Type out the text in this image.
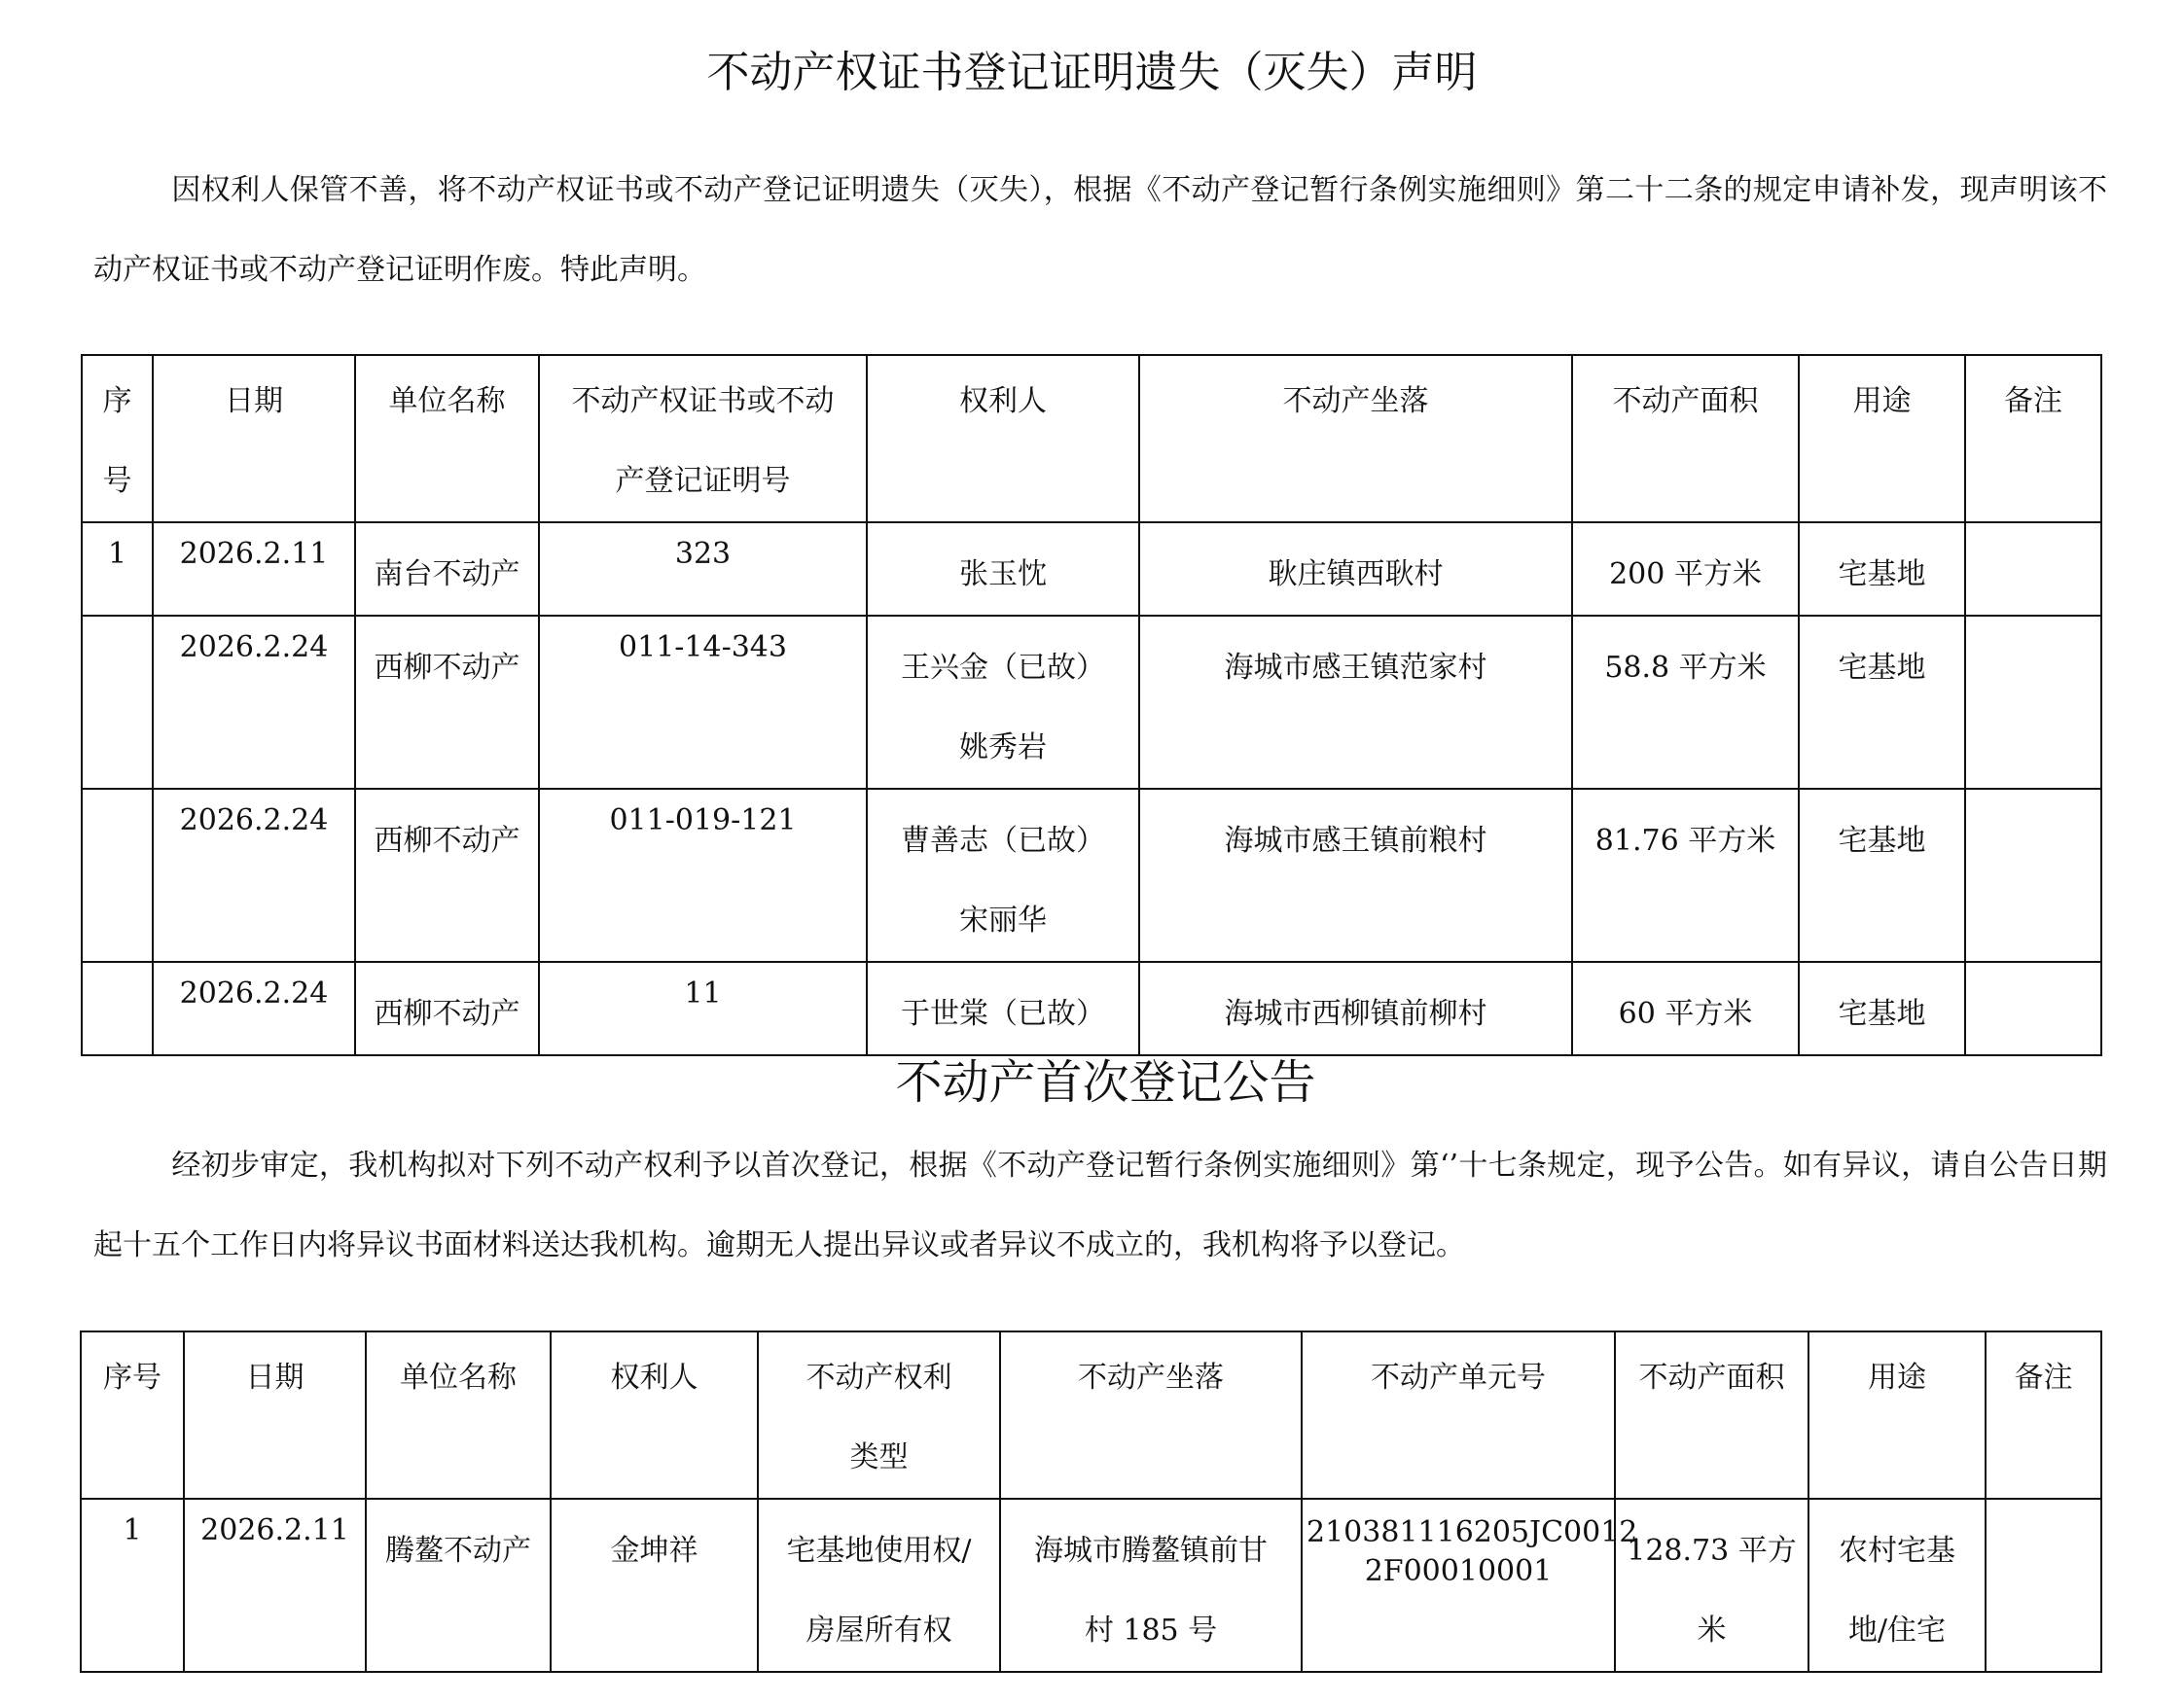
不动产权证书登记证明遗失（灭失）声明
因权利人保管不善，将不动产权证书或不动产登记证明遗失（灭失），根据《不动产登记暂行条例实施细则》第二十二条的规定申请补发，现声明该不动产权证书或不动产登记证明作废。特此声明。
序
号	日期	单位名称	不动产权证书或不动
产登记证明号	权利人	不动产坐落	不动产面积	用途	备注
1	2026.2.11	南台不动产	323	张玉忱	耿庄镇西耿村	200 平方米	宅基地	

	2026.2.24	西柳不动产	011-14-343	王兴金（已故）
姚秀岩	海城市感王镇范家村	58.8 平方米	宅基地	

	2026.2.24	西柳不动产	011-019-121	曹善志（已故）
宋丽华	海城市感王镇前粮村	81.76 平方米	宅基地	

	2026.2.24	西柳不动产	11	于世棠（已故）	海城市西柳镇前柳村	60 平方米	宅基地	

不动产首次登记公告
经初步审定，我机构拟对下列不动产权利予以首次登记，根据《不动产登记暂行条例实施细则》第‘’十七条规定，现予公告。如有异议，请自公告日期起十五个工作日内将异议书面材料送达我机构。逾期无人提出异议或者异议不成立的，我机构将予以登记。
序号	日期	单位名称	权利人	不动产权利
类型	不动产坐落	不动产单元号	不动产面积	用途	备注
1	2026.2.11	腾鳌不动产	金坤祥	宅基地使用权/
房屋所有权	海城市腾鳌镇前甘
村 185 号	210381116205JC0012
2F00010001	128.73 平方
米	农村宅基
地/住宅	
